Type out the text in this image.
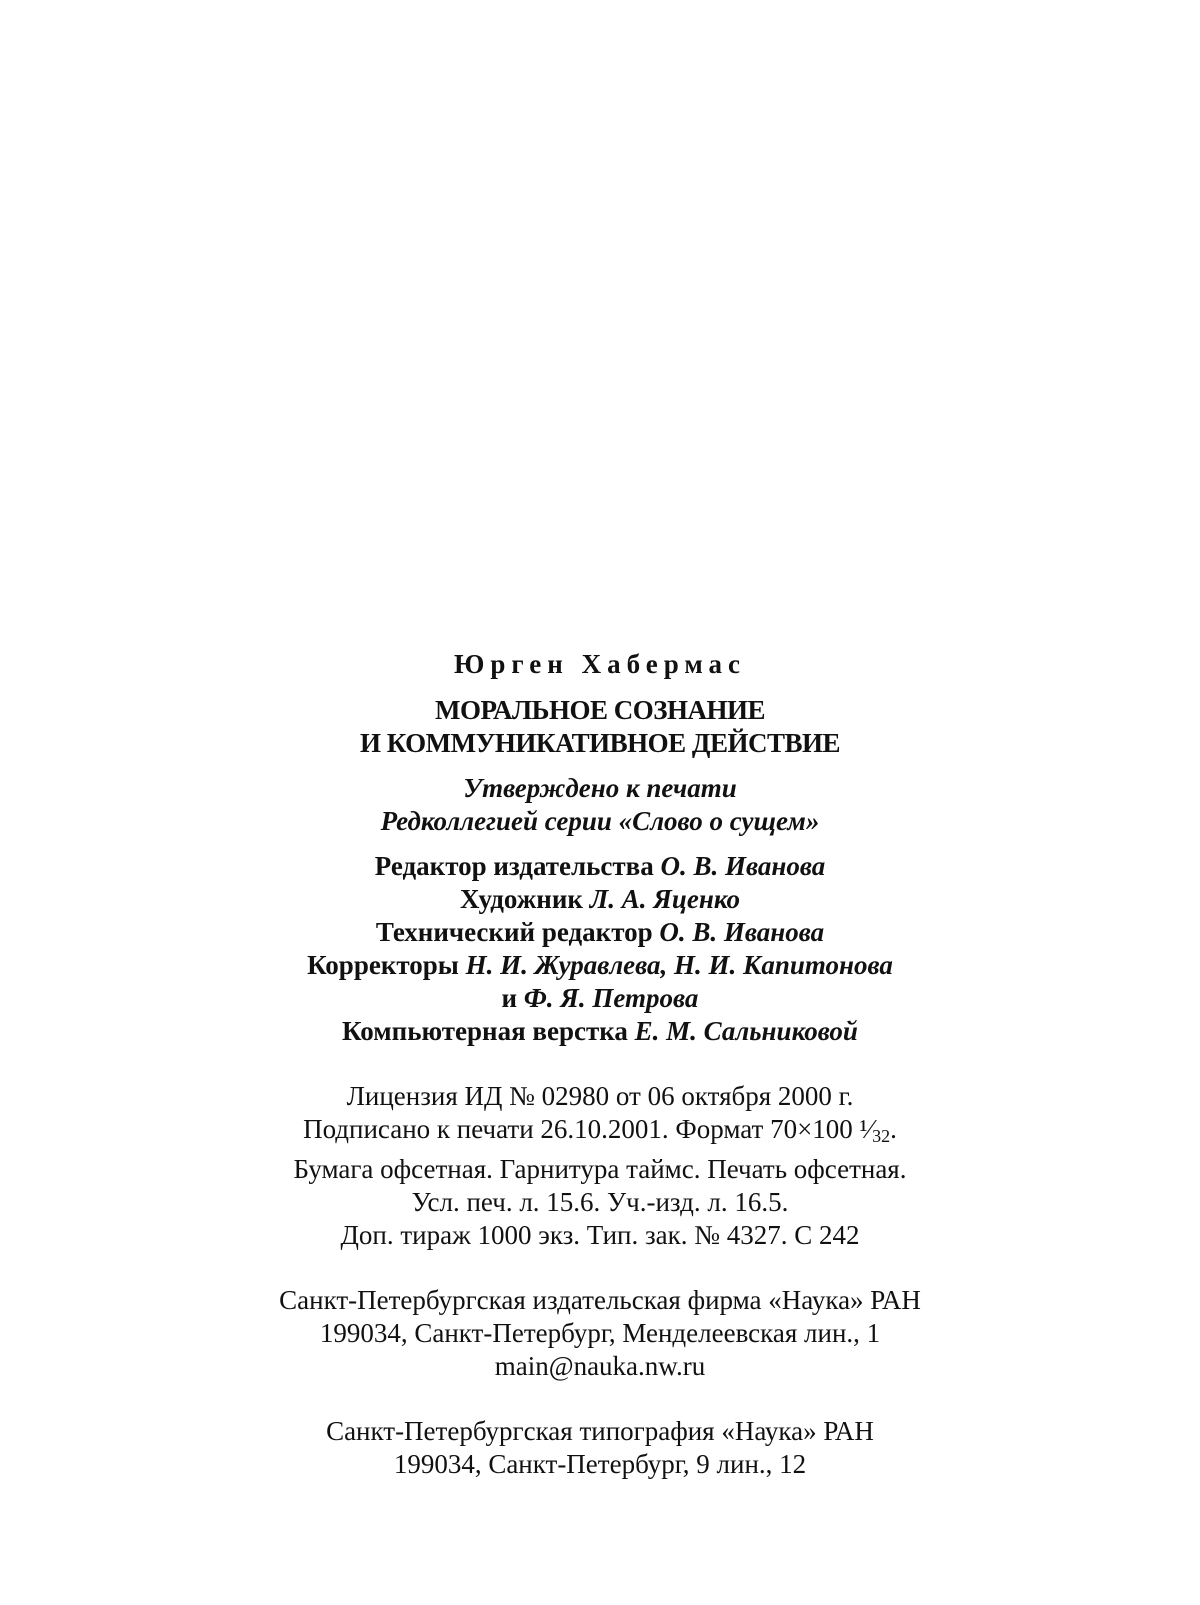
Юрген Хабермас
МОРАЛЬНОЕ СОЗНАНИЕ
И КОММУНИКАТИВНОЕ ДЕЙСТВИЕ
Утверждено к печати
Редколлегией серии «Слово о сущем»
Редактор издательства О. В. Иванова
Художник Л. А. Яценко
Технический редактор О. В. Иванова
Корректоры Н. И. Журавлева, Н. И. Капитонова
и Ф. Я. Петрова
Компьютерная верстка Е. М. Сальниковой
Лицензия ИД № 02980 от 06 октября 2000 г.
Подписано к печати 26.10.2001. Формат 70×100 $^1⁄_{32}$.
Бумага офсетная. Гарнитура таймс. Печать офсетная.
Усл. печ. л. 15.6. Уч.-изд. л. 16.5.
Доп. тираж 1000 экз. Тип. зак. № 4327. С 242
Санкт-Петербургская издательская фирма «Наука» РАН
199034, Санкт-Петербург, Менделеевская лин., 1
main@nauka.nw.ru
Санкт-Петербургская типография «Наука» РАН
199034, Санкт-Петербург, 9 лин., 12
